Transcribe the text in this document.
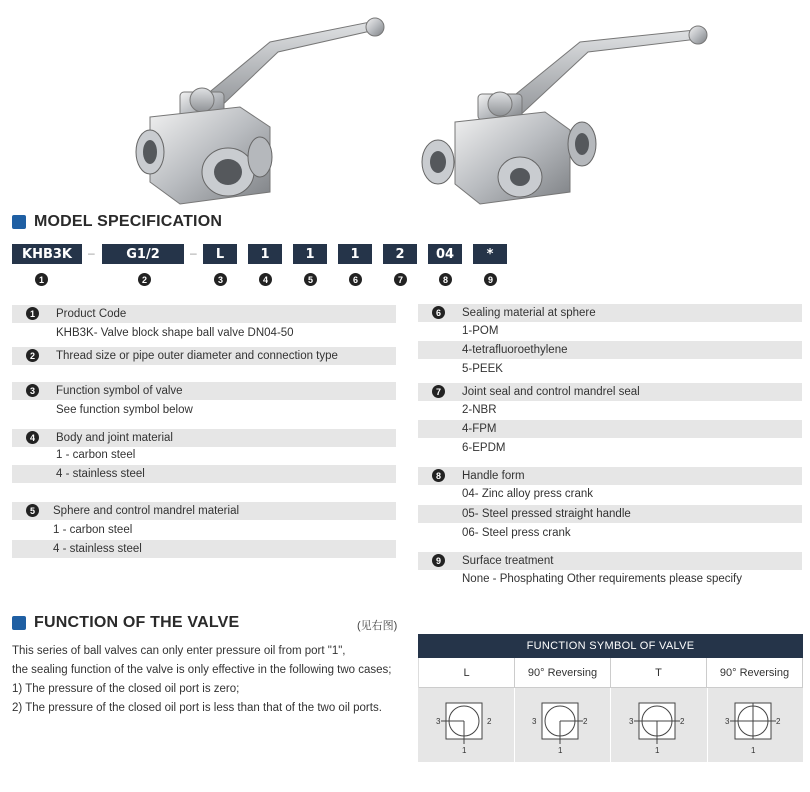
MODEL SPECIFICATION
KHB3K	–	G1/2	–	L	1	1	1	2	04	*
1	2	3	4	5	6	7	8	9
1	Product Code
KHB3K- Valve block shape ball valve DN04-50
2	Thread size or pipe outer diameter and connection type
3	Function symbol of valve
See function symbol below
4	Body and joint material
1 - carbon steel
4 - stainless steel
5	Sphere and control mandrel material
1 - carbon steel
4 - stainless steel
6	Sealing material at sphere
1-POM
4-tetrafluoroethylene
5-PEEK
7	Joint seal and control mandrel seal
2-NBR
4-FPM
6-EPDM
8	Handle form
04- Zinc alloy press crank
05- Steel pressed straight handle
06- Steel press crank
9	Surface treatment
None - Phosphating Other requirements please specify
FUNCTION OF THE VALVE	(见右图)
This series of ball valves can only enter pressure oil from port "1",
the sealing function of the valve is only effective in the following two cases;
1) The pressure of the closed oil port is zero;
2) The pressure of the closed oil port is less than that of the two oil ports.
FUNCTION SYMBOL OF VALVE
L	90° Reversing	T	90° Reversing
3	2
1
3	2
1
3	2
1
3	2
1
